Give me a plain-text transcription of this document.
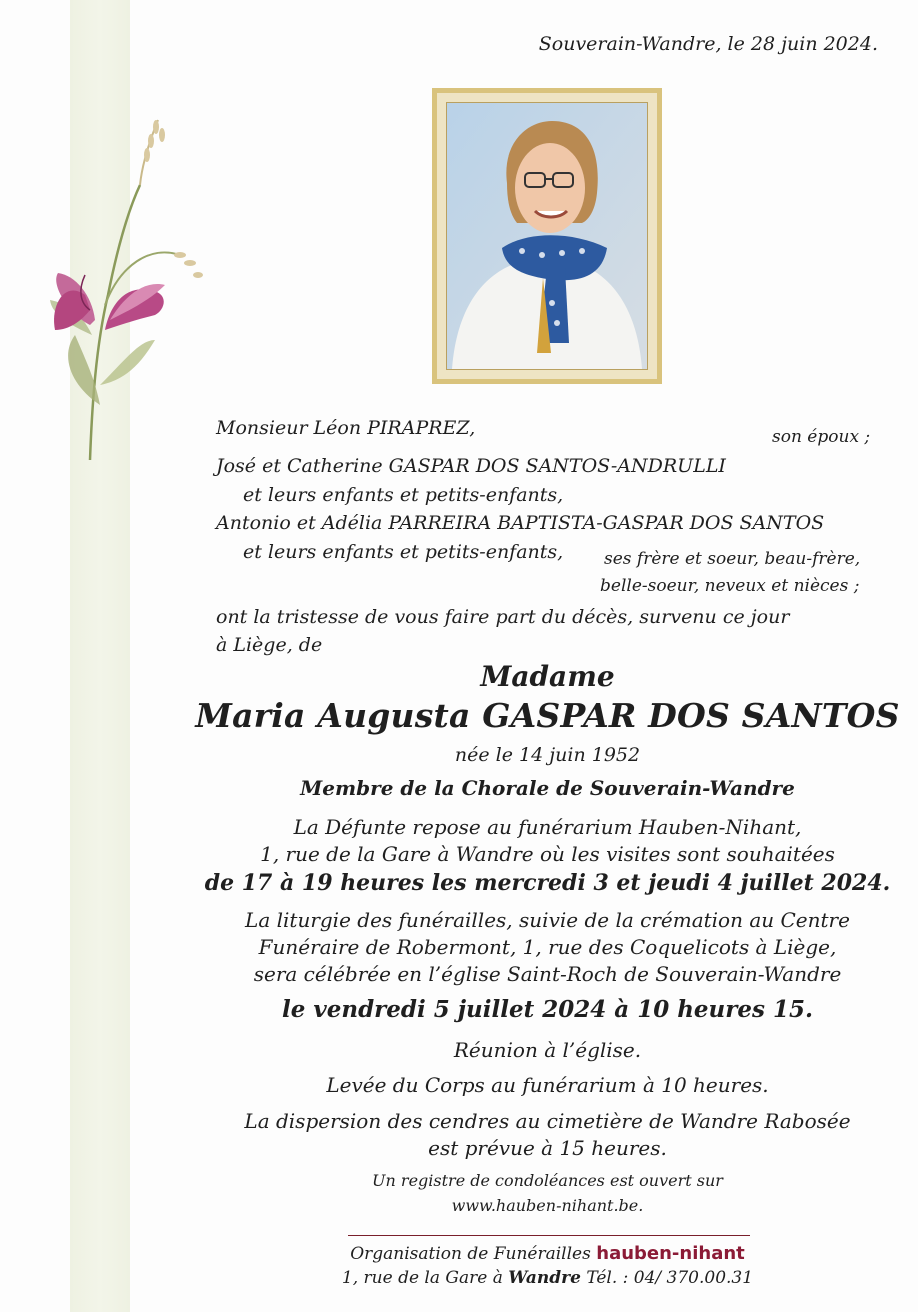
Souverain-Wandre, le 28 juin 2024.
Monsieur Léon PIRAPREZ,	son époux ;
José et Catherine GASPAR DOS SANTOS-ANDRULLI
et leurs enfants et petits-enfants,
Antonio et Adélia PARREIRA BAPTISTA-GASPAR DOS SANTOS
et leurs enfants et petits-enfants, ses frère et soeur, beau-frère,
belle-soeur, neveux et nièces ;
ont la tristesse de vous faire part du décès, survenu ce jour
à Liège, de
Madame
Maria Augusta GASPAR DOS SANTOS
née le 14 juin 1952
Membre de la Chorale de Souverain-Wandre
La Défunte repose au funérarium Hauben-Nihant,
1, rue de la Gare à Wandre où les visites sont souhaitées
de 17 à 19 heures les mercredi 3 et jeudi 4 juillet 2024.
La liturgie des funérailles, suivie de la crémation au Centre
Funéraire de Robermont, 1, rue des Coquelicots à Liège,
sera célébrée en l’église Saint-Roch de Souverain-Wandre
le vendredi 5 juillet 2024 à 10 heures 15.
Réunion à l’église.
Levée du Corps au funérarium à 10 heures.
La dispersion des cendres au cimetière de Wandre Rabosée
est prévue à 15 heures.
Un registre de condoléances est ouvert sur
www.hauben-nihant.be.
Organisation de Funérailles hauben-nihant
1, rue de la Gare à Wandre Tél. : 04/ 370.00.31
